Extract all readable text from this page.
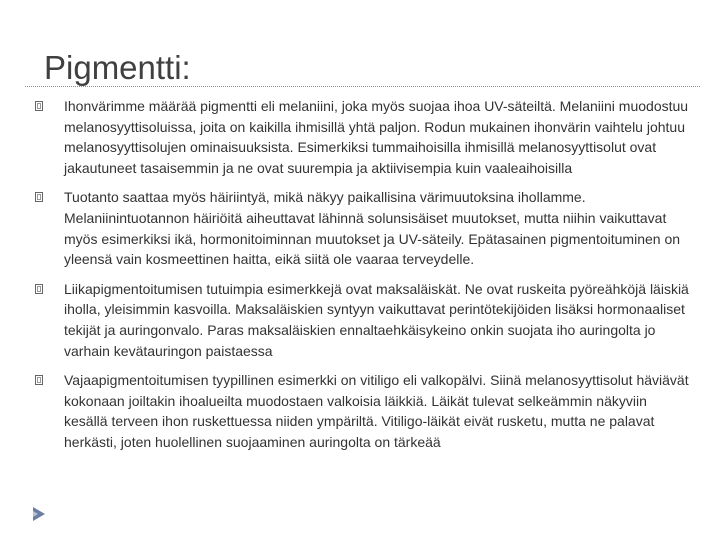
Pigmentti:
Ihonvärimme määrää pigmentti eli melaniini, joka myös suojaa ihoa UV-säteiltä. Melaniini muodostuu melanosyyttisoluissa, joita on kaikilla ihmisillä yhtä paljon. Rodun mukainen ihonvärin vaihtelu johtuu melanosyyttisolujen ominaisuuksista. Esimerkiksi tummaihoisilla ihmisillä melanosyyttisolut ovat jakautuneet tasaisemmin ja ne ovat suurempia ja aktiivisempia kuin vaaleaihoisilla
Tuotanto saattaa myös häiriintyä, mikä näkyy paikallisina värimuutoksina ihollamme. Melaniinintuotannon häiriöitä aiheuttavat lähinnä solunsisäiset muutokset, mutta niihin vaikuttavat myös esimerkiksi ikä, hormonitoiminnan muutokset ja UV-säteily. Epätasainen pigmentoituminen on yleensä vain kosmeettinen haitta, eikä siitä ole vaaraa terveydelle.
Liikapigmentoitumisen tutuimpia esimerkkejä ovat maksaläiskät. Ne ovat ruskeita pyöreähköjä läiskiä iholla, yleisimmin kasvoilla. Maksaläiskien syntyyn vaikuttavat perintötekijöiden lisäksi hormonaaliset tekijät ja auringonvalo. Paras maksaläiskien ennaltaehkäisykeino onkin suojata iho auringolta jo varhain kevätauringon paistaessa
Vajaapigmentoitumisen tyypillinen esimerkki on vitiligo eli valkopälvi. Siinä melanosyyttisolut häviävät kokonaan joiltakin ihoalueilta muodostaen valkoisia läikkiä. Läikät tulevat selkeämmin näkyviin kesällä terveen ihon ruskettuessa niiden ympäriltä. Vitiligo-läikät eivät rusketu, mutta ne palavat herkästi, joten huolellinen suojaaminen auringolta on tärkeää
